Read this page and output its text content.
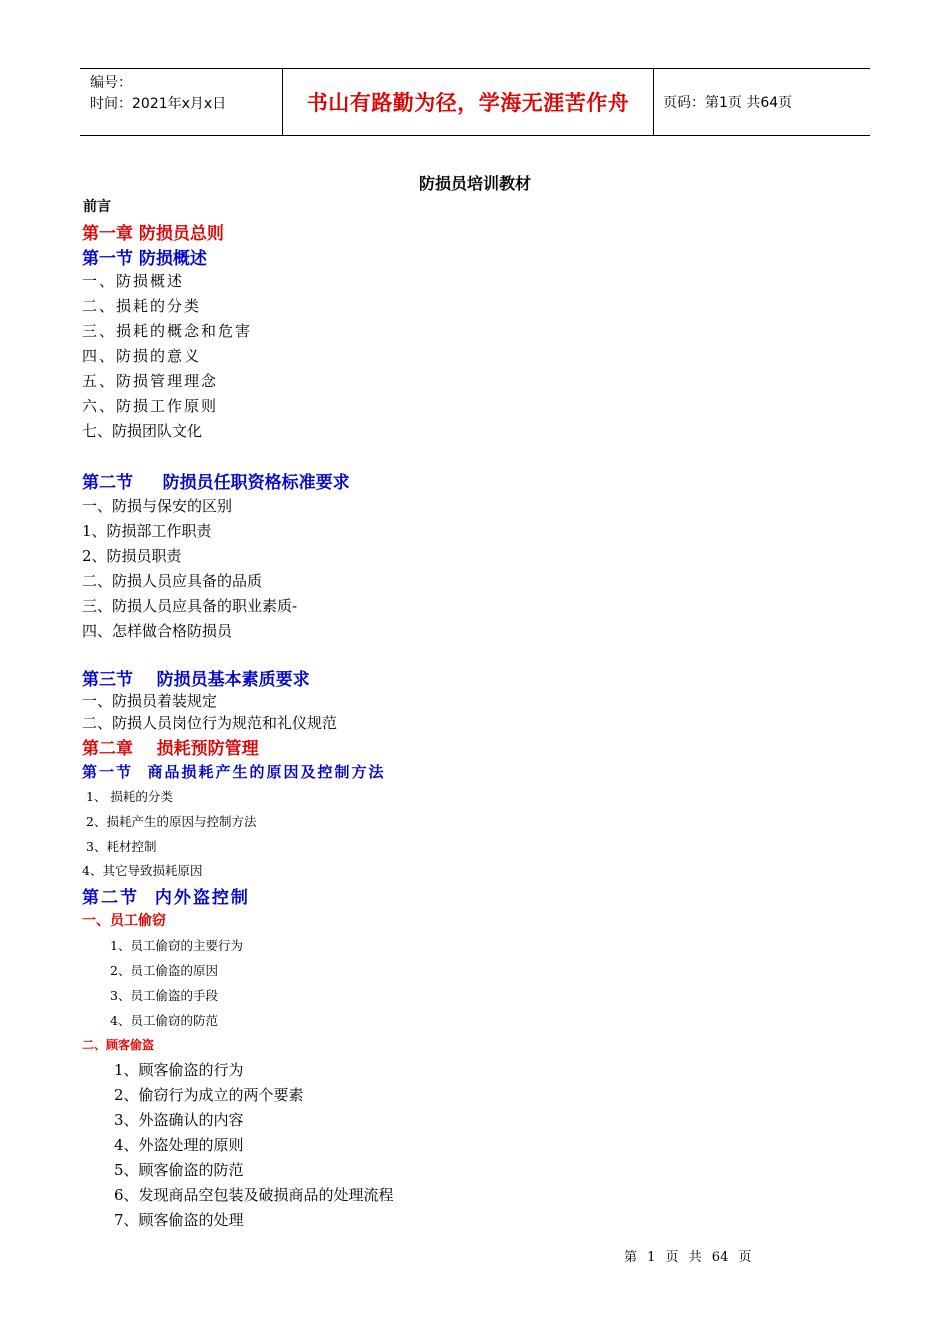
编号：
时间：2021年x月x日	书山有路勤为径，学海无涯苦作舟	页码：第1页 共64页
防损员培训教材
前言
第一章 防损员总则
第一节 防损概述
一、防损概述
二、损耗的分类
三、损耗的概念和危害
四、防损的意义
五、防损管理理念
六、防损工作原则
七、防损团队文化
第二节     防损员任职资格标准要求
一、防损与保安的区别
1、防损部工作职责
2、防损员职责
二、防损人员应具备的品质
三、防损人员应具备的职业素质-
四、怎样做合格防损员
第三节    防损员基本素质要求
一、防损员着装规定
二、防损人员岗位行为规范和礼仪规范
第二章    损耗预防管理
第一节  商品损耗产生的原因及控制方法
1、 损耗的分类
2、损耗产生的原因与控制方法
3、耗材控制
4、其它导致损耗原因
第二节  内外盗控制
一、员工偷窃
1、员工偷窃的主要行为
2、员工偷盗的原因
3、员工偷盗的手段
4、员工偷窃的防范
二、顾客偷盗
1、顾客偷盗的行为
2、偷窃行为成立的两个要素
3、外盗确认的内容
4、外盗处理的原则
5、顾客偷盗的防范
6、发现商品空包装及破损商品的处理流程
7、顾客偷盗的处理
第 1 页 共 64 页
